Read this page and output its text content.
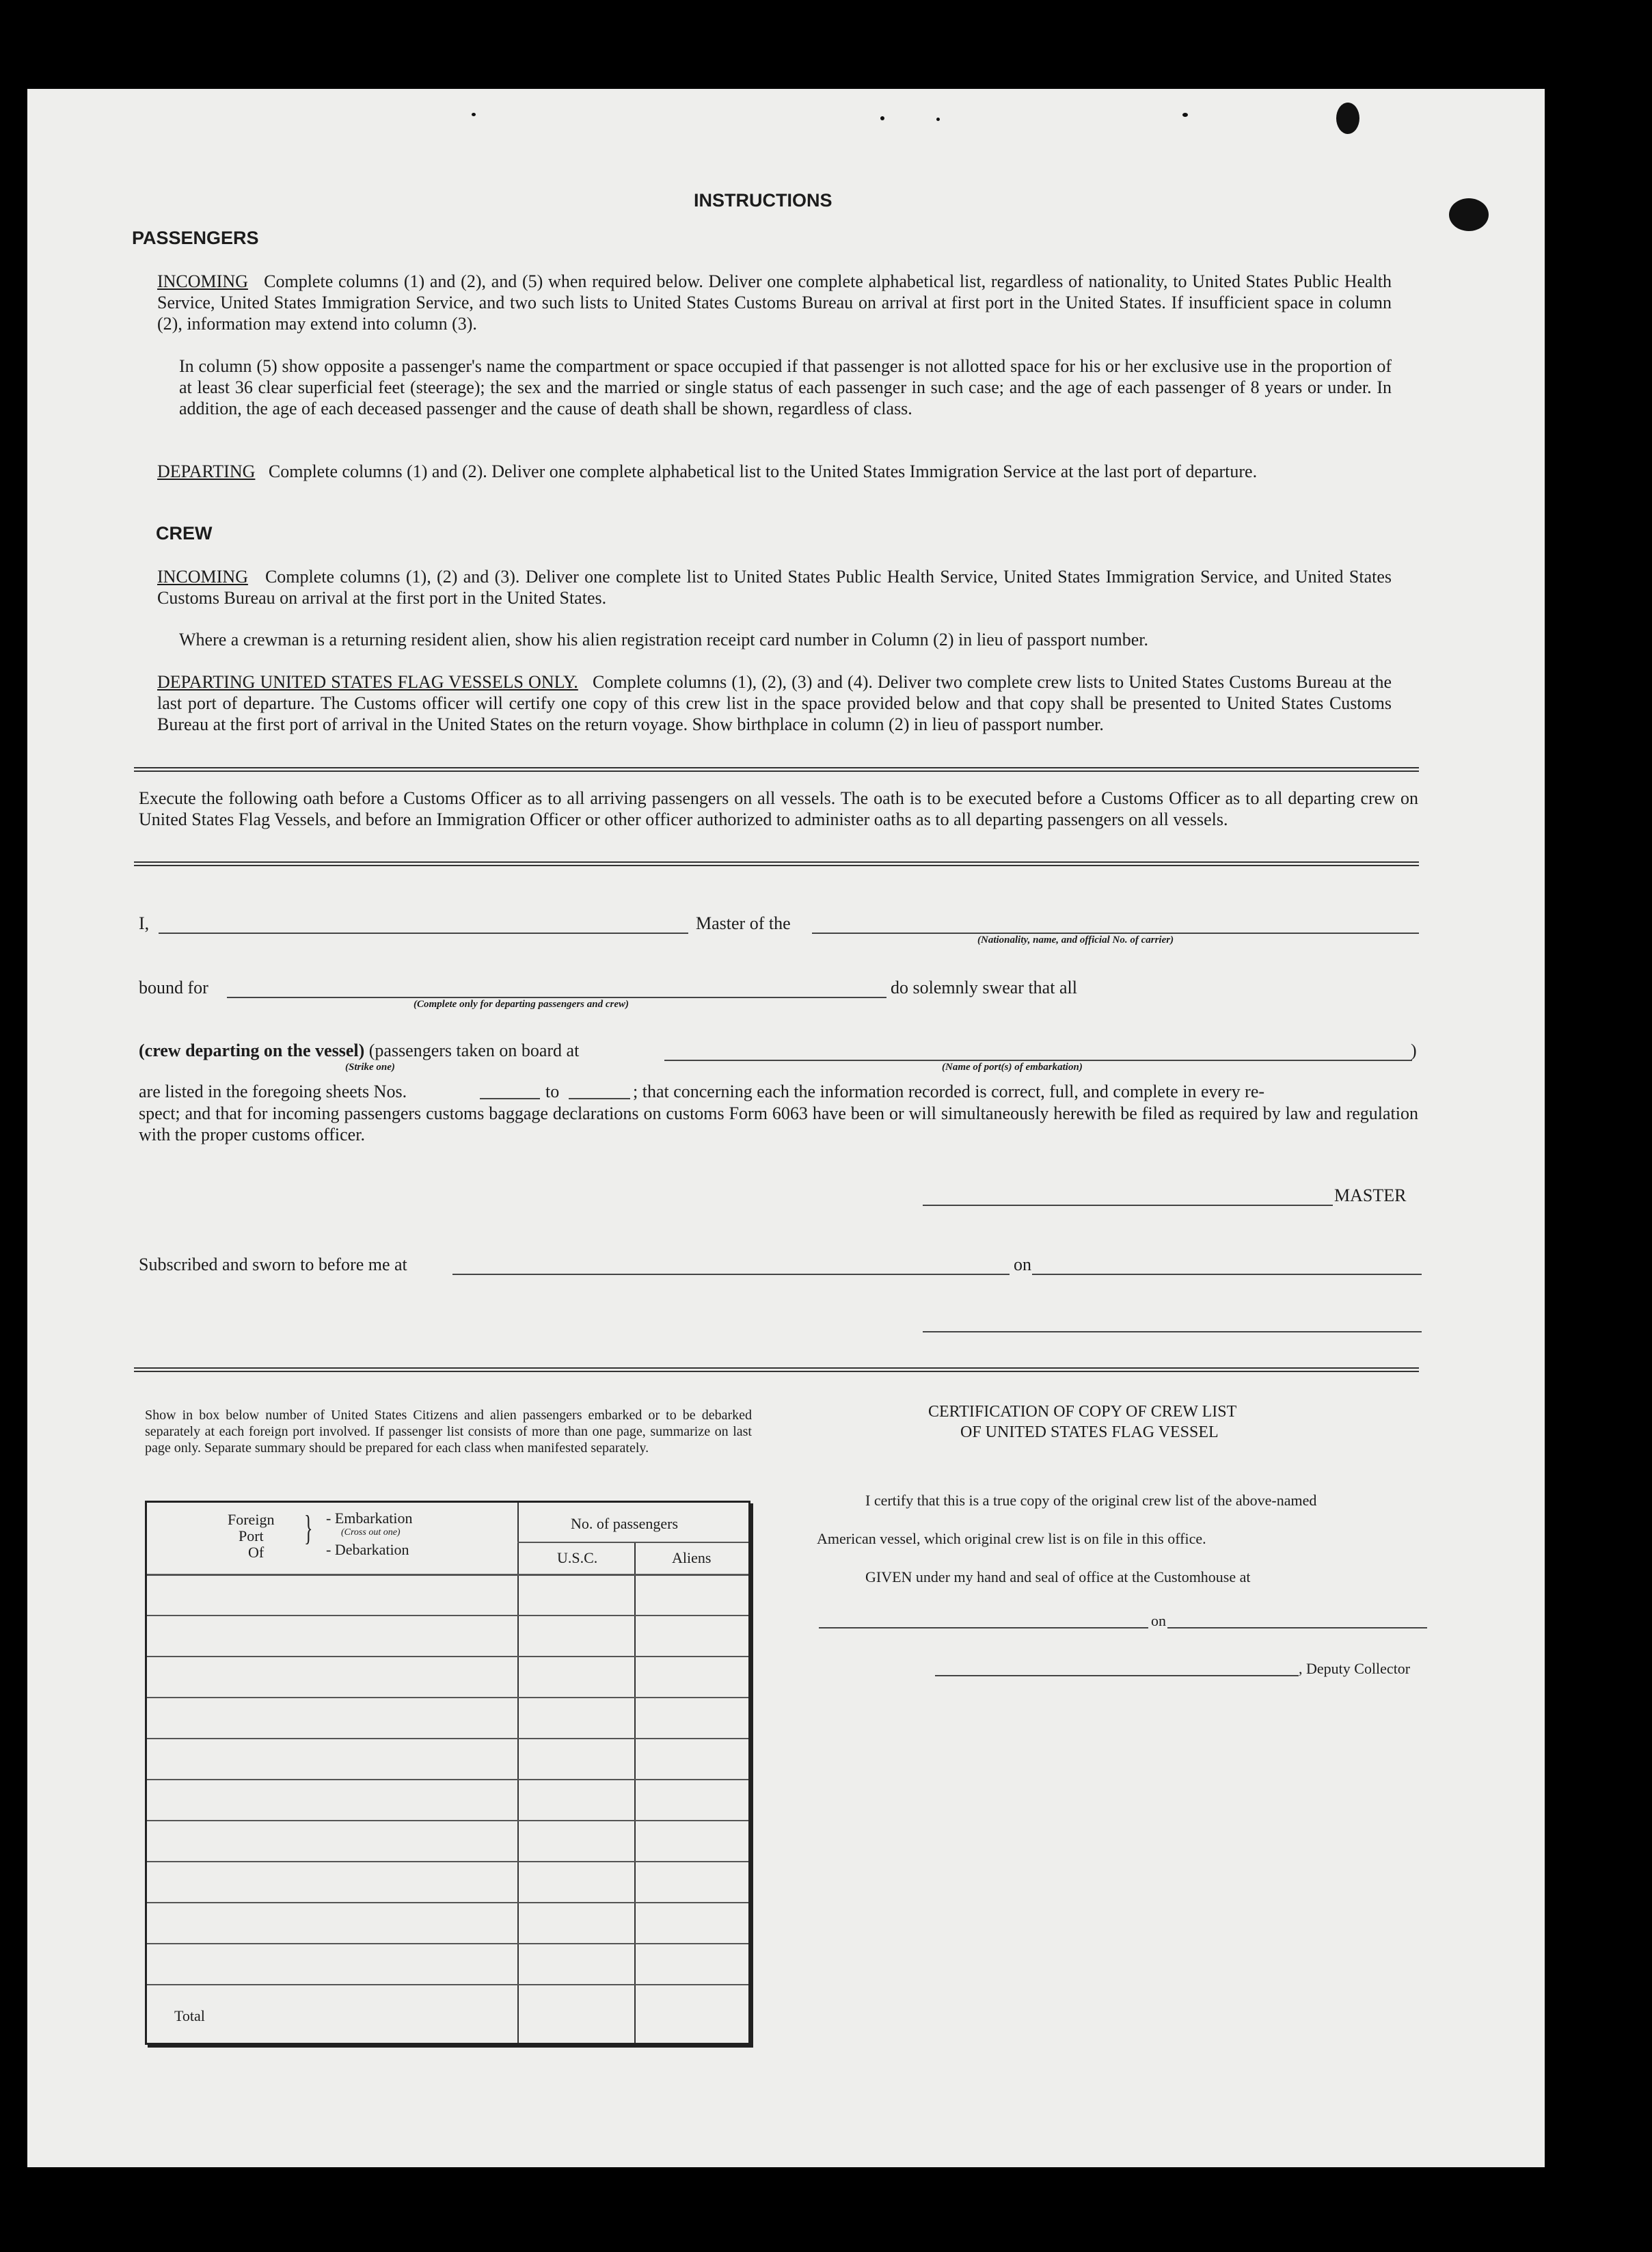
INSTRUCTIONS
PASSENGERS
INCOMING Complete columns (1) and (2), and (5) when required below. Deliver one complete alphabetical list, regardless of nationality, to United States Public Health Service, United States Immigration Service, and two such lists to United States Customs Bureau on arrival at first port in the United States. If insufficient space in column (2), information may extend into column (3).
In column (5) show opposite a passenger's name the compartment or space occupied if that passenger is not allotted space for his or her exclusive use in the proportion of at least 36 clear superficial feet (steerage); the sex and the married or single status of each passenger in such case; and the age of each passenger of 8 years or under. In addition, the age of each deceased passenger and the cause of death shall be shown, regardless of class.
DEPARTING Complete columns (1) and (2). Deliver one complete alphabetical list to the United States Immigration Service at the last port of departure.
CREW
INCOMING Complete columns (1), (2) and (3). Deliver one complete list to United States Public Health Service, United States Immigration Service, and United States Customs Bureau on arrival at the first port in the United States.
Where a crewman is a returning resident alien, show his alien registration receipt card number in Column (2) in lieu of passport number.
DEPARTING UNITED STATES FLAG VESSELS ONLY. Complete columns (1), (2), (3) and (4). Deliver two complete crew lists to United States Customs Bureau at the last port of departure. The Customs officer will certify one copy of this crew list in the space provided below and that copy shall be presented to United States Customs Bureau at the first port of arrival in the United States on the return voyage. Show birthplace in column (2) in lieu of passport number.
Execute the following oath before a Customs Officer as to all arriving passengers on all vessels. The oath is to be executed before a Customs Officer as to all departing crew on United States Flag Vessels, and before an Immigration Officer or other officer authorized to administer oaths as to all departing passengers on all vessels.
I,	Master of the
(Nationality, name, and official No. of carrier)
bound for
(Complete only for departing passengers and crew)
do solemnly swear that all
(crew departing on the vessel) (passengers taken on board at	)
(Strike one)	(Name of port(s) of embarkation)
are listed in the foregoing sheets Nos.	to	; that concerning each the information recorded is correct, full, and complete in every re-
spect; and that for incoming passengers customs baggage declarations on customs Form 6063 have been or will simultaneously herewith be filed as required by law and regulation with the proper customs officer.
MASTER
Subscribed and sworn to before me at	on
Show in box below number of United States Citizens and alien passengers embarked or to be debarked separately at each foreign port involved. If passenger list consists of more than one page, summarize on last page only. Separate summary should be prepared for each class when manifested separately.
Foreign
Port
Of
} - Embarkation
(Cross out one)
- Debarkation
No. of passengers
U.S.C.	Aliens
Total
CERTIFICATION OF COPY OF CREW LIST
OF UNITED STATES FLAG VESSEL
I certify that this is a true copy of the original crew list of the above-named
American vessel, which original crew list is on file in this office.
GIVEN under my hand and seal of office at the Customhouse at
on
, Deputy Collector
